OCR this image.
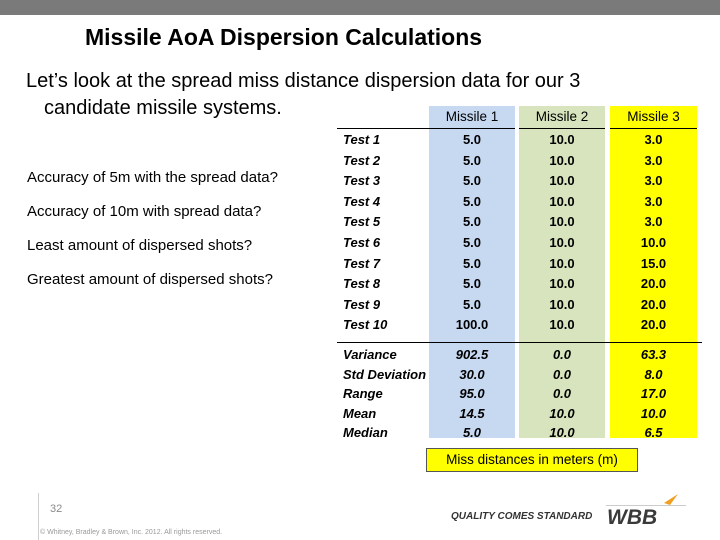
Missile AoA Dispersion Calculations
Let’s look at the spread miss distance dispersion data for our 3
candidate missile systems.
Accuracy of 5m with the spread data?
Accuracy of 10m with spread data?
Least amount of dispersed shots?
Greatest amount of dispersed shots?
Missile 1
5.0
5.0
5.0
5.0
5.0
5.0
5.0
5.0
5.0
100.0
902.5
30.0
95.0
14.5
5.0
Missile 2
10.0
10.0
10.0
10.0
10.0
10.0
10.0
10.0
10.0
10.0
0.0
0.0
0.0
10.0
10.0
Missile 3
3.0
3.0
3.0
3.0
3.0
10.0
15.0
20.0
20.0
20.0
63.3
8.0
17.0
10.0
6.5
Test 1
Test 2
Test 3
Test 4
Test 5
Test 6
Test 7
Test 8
Test 9
Test 10
Variance
Std Deviation
Range
Mean
Median
Miss distances in meters (m)
32
© Whitney, Bradley & Brown, Inc. 2012. All rights reserved.
QUALITY COMES STANDARD WBB
